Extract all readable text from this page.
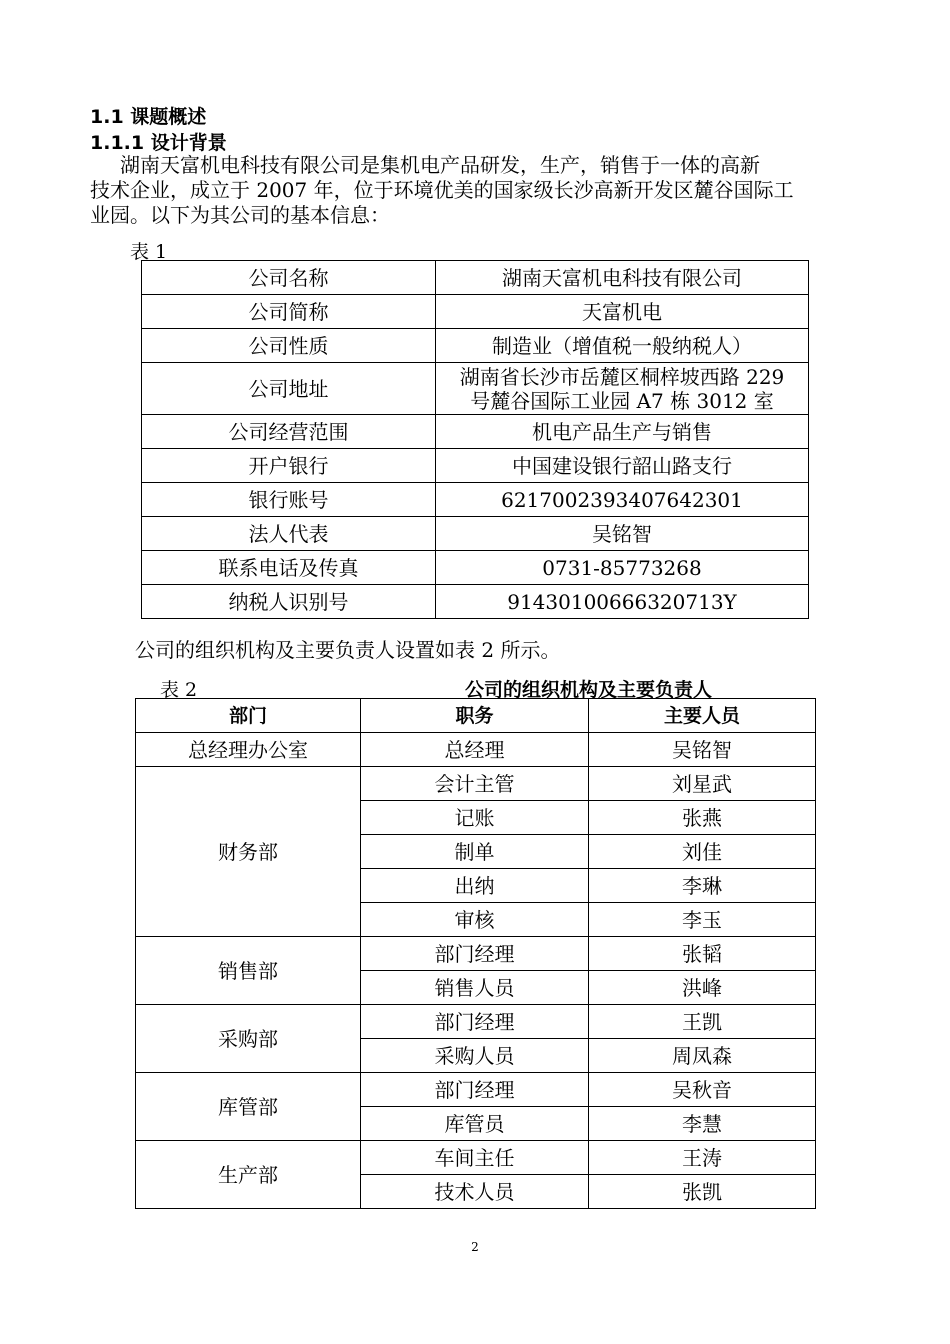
1.1 课题概述
1.1.1 设计背景

湖南天富机电科技有限公司是集机电产品研发，生产，销售于一体的高新

技术企业，成立于 2007 年，位于环境优美的国家级长沙高新开发区麓谷国际工

业园。以下为其公司的基本信息：

表 1
公司名称	湖南天富机电科技有限公司
公司简称	天富机电
公司性质	制造业（增值税一般纳税人）
公司地址	湖南省长沙市岳麓区桐梓坡西路 229
号麓谷国际工业园 A7 栋 3012 室

公司经营范围	机电产品生产与销售
开户银行	中国建设银行韶山路支行
银行账号	6217002393407642301
法人代表	吴铭智
联系电话及传真	0731-85773268
纳税人识别号	91430100666320713Y
公司的组织机构及主要负责人设置如表 2 所示。
表 2	公司的组织机构及主要负责人
部门	职务	主要人员
总经理办公室	总经理	吴铭智
财务部	会计主管	刘星武
	记账	张燕
	制单	刘佳
	出纳	李琳
	审核	李玉
销售部	部门经理	张韬
	销售人员	洪峰
采购部	部门经理	王凯
	采购人员	周凤森
库管部	部门经理	吴秋音
	库管员	李慧
生产部	车间主任	王涛
	技术人员	张凯
2
